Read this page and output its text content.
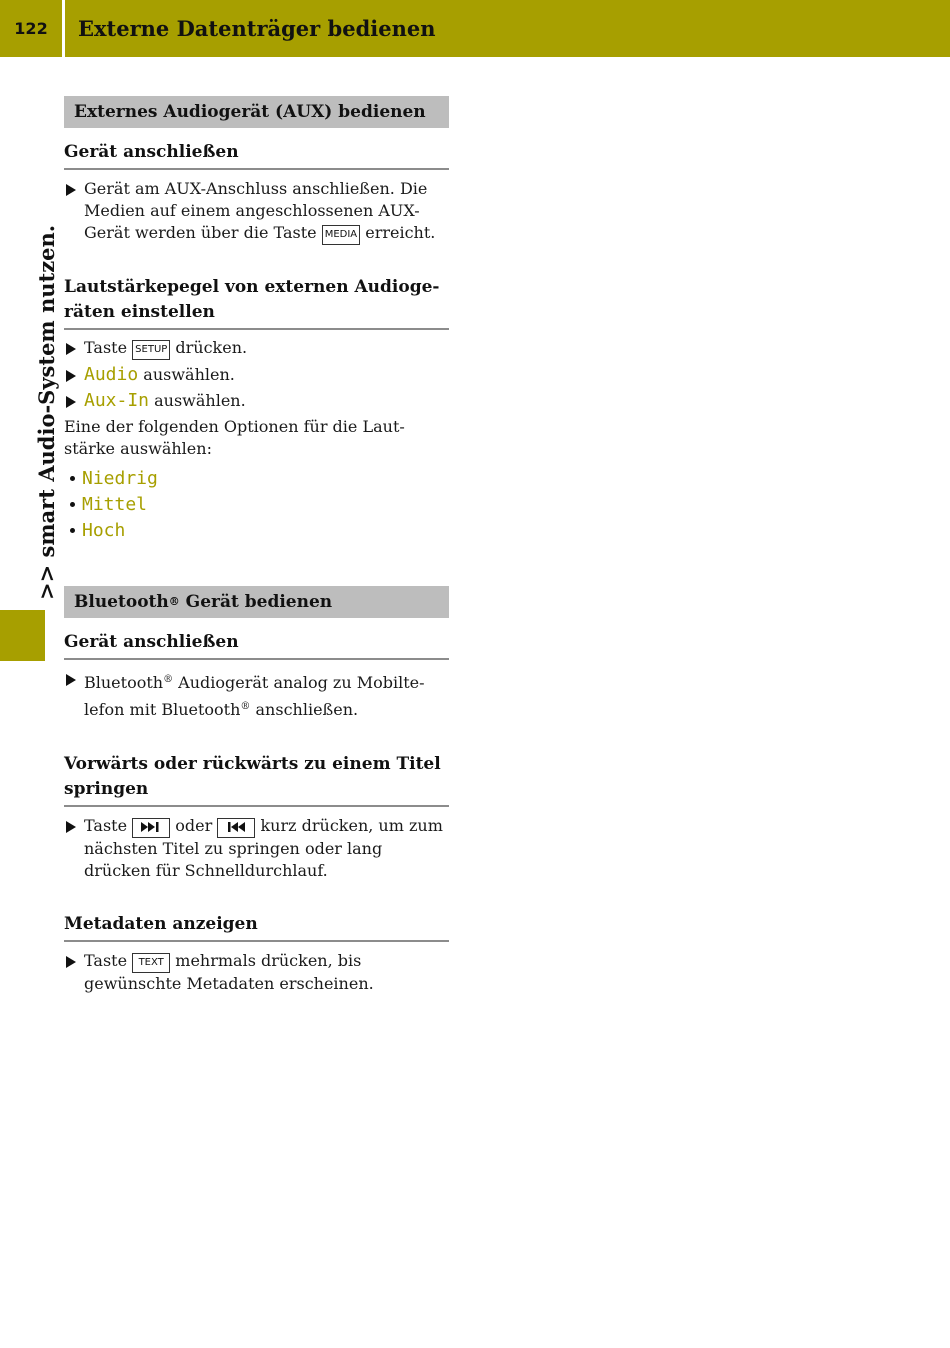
122	Externe Datenträger bedienen
>> smart Audio-System nutzen.
Externes Audiogerät (AUX) bedienen
Gerät anschließen
Gerät am AUX-Anschluss anschließen. Die Medien auf einem angeschlossenen AUX-Gerät werden über die Taste MEDIA erreicht.
Lautstärkepegel von externen Audioge-räten einstellen
Taste SETUP drücken.
Audio auswählen.
Aux-In auswählen.
Eine der folgenden Optionen für die Laut-stärke auswählen:
Niedrig
Mittel
Hoch
Bluetooth®
Gerät bedienen
Gerät anschließen
Bluetooth® Audiogerät analog zu Mobilte-lefon mit Bluetooth® anschließen.
Vorwärts oder rückwärts zu einem Titel springen
Taste	oder	kurz drücken, um zum nächsten Titel zu springen oder lang drücken für Schnelldurchlauf.
Metadaten anzeigen
Taste TEXT mehrmals drücken, bis gewünschte Metadaten erscheinen.
